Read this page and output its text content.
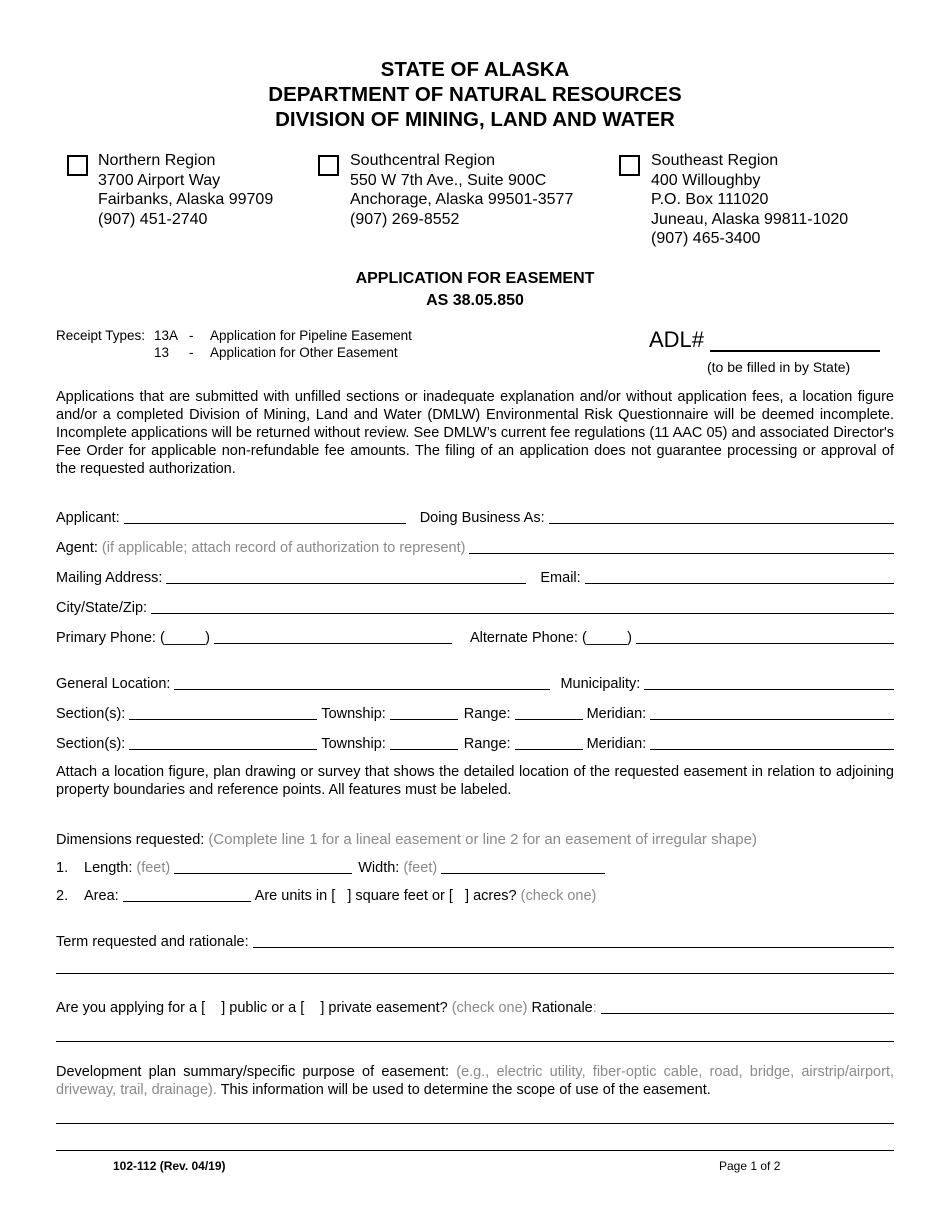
STATE OF ALASKA
DEPARTMENT OF NATURAL RESOURCES
DIVISION OF MINING, LAND AND WATER
Northern Region
3700 Airport Way
Fairbanks, Alaska 99709
(907) 451-2740
Southcentral Region
550 W 7th Ave., Suite 900C
Anchorage, Alaska 99501-3577
(907) 269-8552
Southeast Region
400 Willoughby
P.O. Box 111020
Juneau, Alaska 99811-1020
(907) 465-3400
APPLICATION FOR EASEMENT
AS 38.05.850
Receipt Types: 13A - Application for Pipeline Easement
13 - Application for Other Easement
ADL#
(to be filled in by State)
Applications that are submitted with unfilled sections or inadequate explanation and/or without application fees, a location figure and/or a completed Division of Mining, Land and Water (DMLW) Environmental Risk Questionnaire will be deemed incomplete. Incomplete applications will be returned without review. See DMLW’s current fee regulations (11 AAC 05) and associated Director's Fee Order for applicable non-refundable fee amounts. The filing of an application does not guarantee processing or approval of the requested authorization.
Applicant:	Doing Business As:
Agent: (if applicable; attach record of authorization to represent)
Mailing Address:	Email:
City/State/Zip:
Primary Phone: (_____)	Alternate Phone: (_____)
General Location:	Municipality:
Section(s):	Township:	Range:	Meridian:
Section(s):	Township:	Range:	Meridian:
Attach a location figure, plan drawing or survey that shows the detailed location of the requested easement in relation to adjoining property boundaries and reference points. All features must be labeled.
Dimensions requested: (Complete line 1 for a lineal easement or line 2 for an easement of irregular shape)
1.	Length: (feet)	Width: (feet)
2.	Area:	Are units in [   ] square feet or [   ] acres? (check one)
Term requested and rationale:
Are you applying for a [    ] public or a [    ] private easement? (check one) Rationale :
Development plan summary/specific purpose of easement: (e.g., electric utility, fiber-optic cable, road, bridge, airstrip/airport, driveway, trail, drainage). This information will be used to determine the scope of use of the easement.
102-112 (Rev. 04/19)	Page 1 of 2
